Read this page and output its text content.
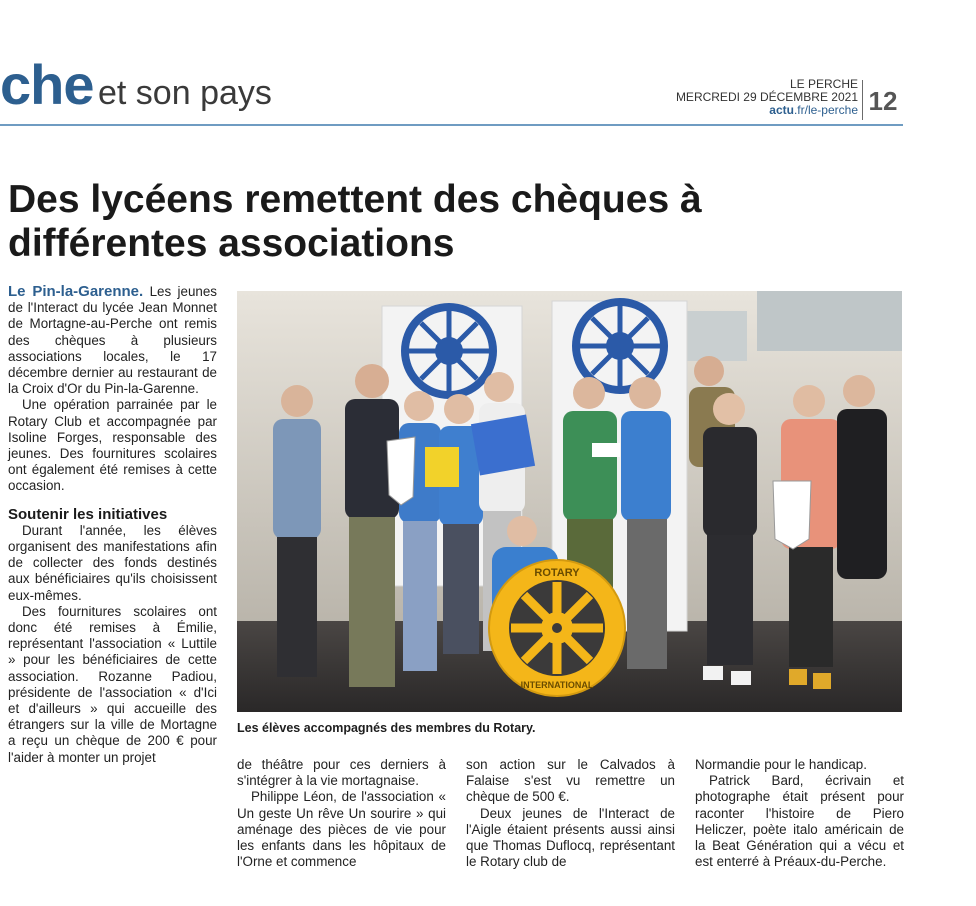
che et son pays	LE PERCHE
MERCREDI 29 DÉCEMBRE 2021
actu.fr/le-perche 12
Des lycéens remettent des chèques à différentes associations

Le Pin-la-Garenne. Les jeunes de l'Interact du lycée Jean Monnet de Mortagne-au-Perche ont remis des chèques à plusieurs associations locales, le 17 décembre dernier au restaurant de la Croix d'Or du Pin-la-Garenne.

Une opération parrainée par le Rotary Club et accompagnée par Isoline Forges, responsable des jeunes. Des fournitures scolaires ont également été remises à cette occasion.

Soutenir les initiatives

Durant l'année, les élèves organisent des manifestations afin de collecter des fonds destinés aux bénéficiaires qu'ils choisissent eux-mêmes.

Des fournitures scolaires ont donc été remises à Émilie, représentant l'association « Luttile » pour les bénéficiaires de cette association. Rozanne Padiou, présidente de l'association « d'Ici et d'ailleurs » qui accueille des étrangers sur la ville de Mortagne a reçu un chèque de 200 € pour l'aider à monter un projet

ROTARY
INTERNATIONAL
Les élèves accompagnés des membres du Rotary.

de théâtre pour ces derniers à s'intégrer à la vie mortagnaise.

Philippe Léon, de l'association « Un geste Un rêve Un sourire » qui aménage des pièces de vie pour les enfants dans les hôpitaux de l'Orne et commence

son action sur le Calvados à Falaise s'est vu remettre un chèque de 500 €.

Deux jeunes de l'Interact de l'Aigle étaient présents aussi ainsi que Thomas Duflocq, représentant le Rotary club de

Normandie pour le handicap.

Patrick Bard, écrivain et photographe était présent pour raconter l'histoire de Piero Heliczer, poète italo américain de la Beat Génération qui a vécu et est enterré à Préaux-du-Perche.
